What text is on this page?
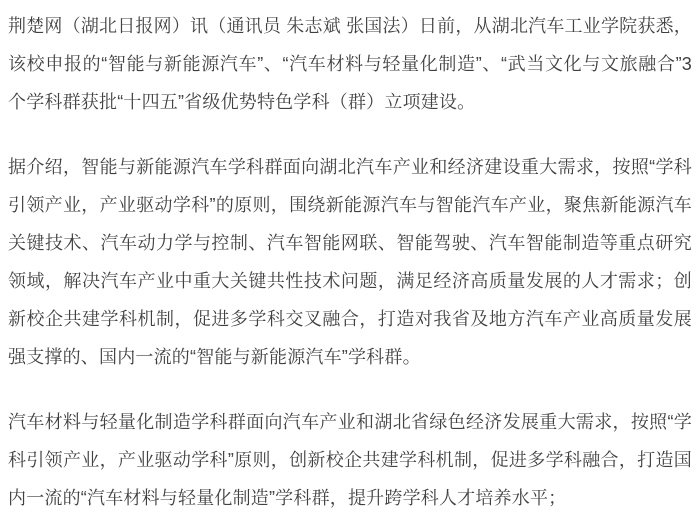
荆楚网（湖北日报网）讯（通讯员 朱志斌 张国法）日前，从湖北汽车工业学院获悉，该校申报的“智能与新能源汽车”、“汽车材料与轻量化制造”、“武当文化与文旅融合”3个学科群获批“十四五”省级优势特色学科（群）立项建设。

据介绍，智能与新能源汽车学科群面向湖北汽车产业和经济建设重大需求，按照“学科引领产业，产业驱动学科”的原则，围绕新能源汽车与智能汽车产业，聚焦新能源汽车关键技术、汽车动力学与控制、汽车智能网联、智能驾驶、汽车智能制造等重点研究领域，解决汽车产业中重大关键共性技术问题，满足经济高质量发展的人才需求；创新校企共建学科机制，促进多学科交叉融合，打造对我省及地方汽车产业高质量发展强支撑的、国内一流的“智能与新能源汽车”学科群。

汽车材料与轻量化制造学科群面向汽车产业和湖北省绿色经济发展重大需求，按照“学科引领产业，产业驱动学科”原则，创新校企共建学科机制，促进多学科融合，打造国内一流的“汽车材料与轻量化制造”学科群，提升跨学科人才培养水平；
